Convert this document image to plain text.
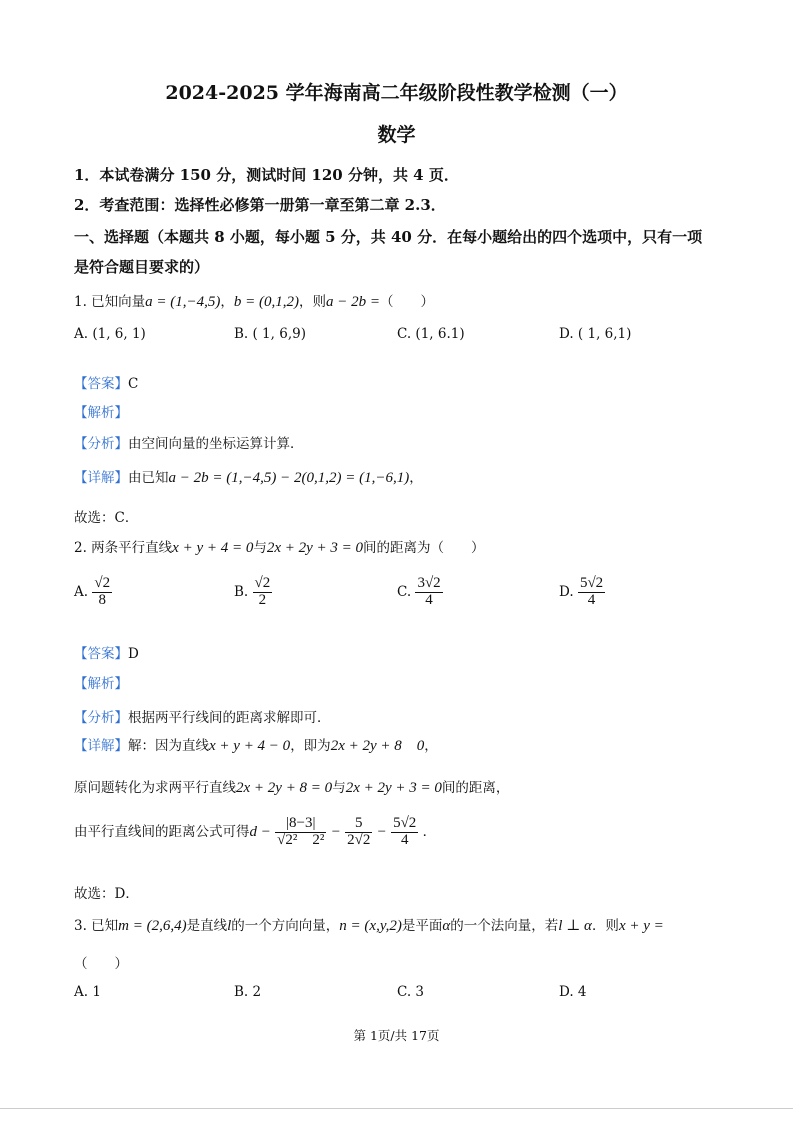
2024-2025 学年海南高二年级阶段性教学检测（一）
数学
1．本试卷满分 150 分，测试时间 120 分钟，共 4 页．
2．考查范围：选择性必修第一册第一章至第二章 2.3．
一、选择题（本题共 8 小题，每小题 5 分，共 40 分．在每小题给出的四个选项中，只有一项
是符合题目要求的）
1. 已知向量a = (1,−4,5)，b = (0,1,2)，则a − 2b =（　　）
A. (1, 6, 1)	B. ( 1, 6,9)	C. (1, 6.1)	D. ( 1, 6,1)
【答案】C
【解析】
【分析】由空间向量的坐标运算计算．
【详解】由已知a − 2b = (1,−4,5) − 2(0,1,2) = (1,−6,1)，
故选：C．
2. 两条平行直线x + y + 4 = 0与2x + 2y + 3 = 0间的距离为（　　）
A. $\frac{√2}{8}$	B. $\frac{√2}{2}$	C. $\frac{3√2}{4}$	D. $\frac{5√2}{4}$
【答案】D
【解析】
【分析】根据两平行线间的距离求解即可．
【详解】解：因为直线x + y + 4 − 0，即为2x + 2y + 8　0，
原问题转化为求两平行直线2x + 2y + 8 = 0与2x + 2y + 3 = 0间的距离，
由平行直线间的距离公式可得$d - \frac{|8-3|}{\text{√2²　2²}} - \frac{5}{2√2} - \frac{5√2}{4}$ ．
故选：D．
3. 已知m = (2,6,4)是直线l的一个方向向量，n = (x,y,2)是平面α的一个法向量，若l ⊥ α．则x + y =
（　　）
A. 1	B. 2	C. 3	D. 4
第 1页/共 17页
